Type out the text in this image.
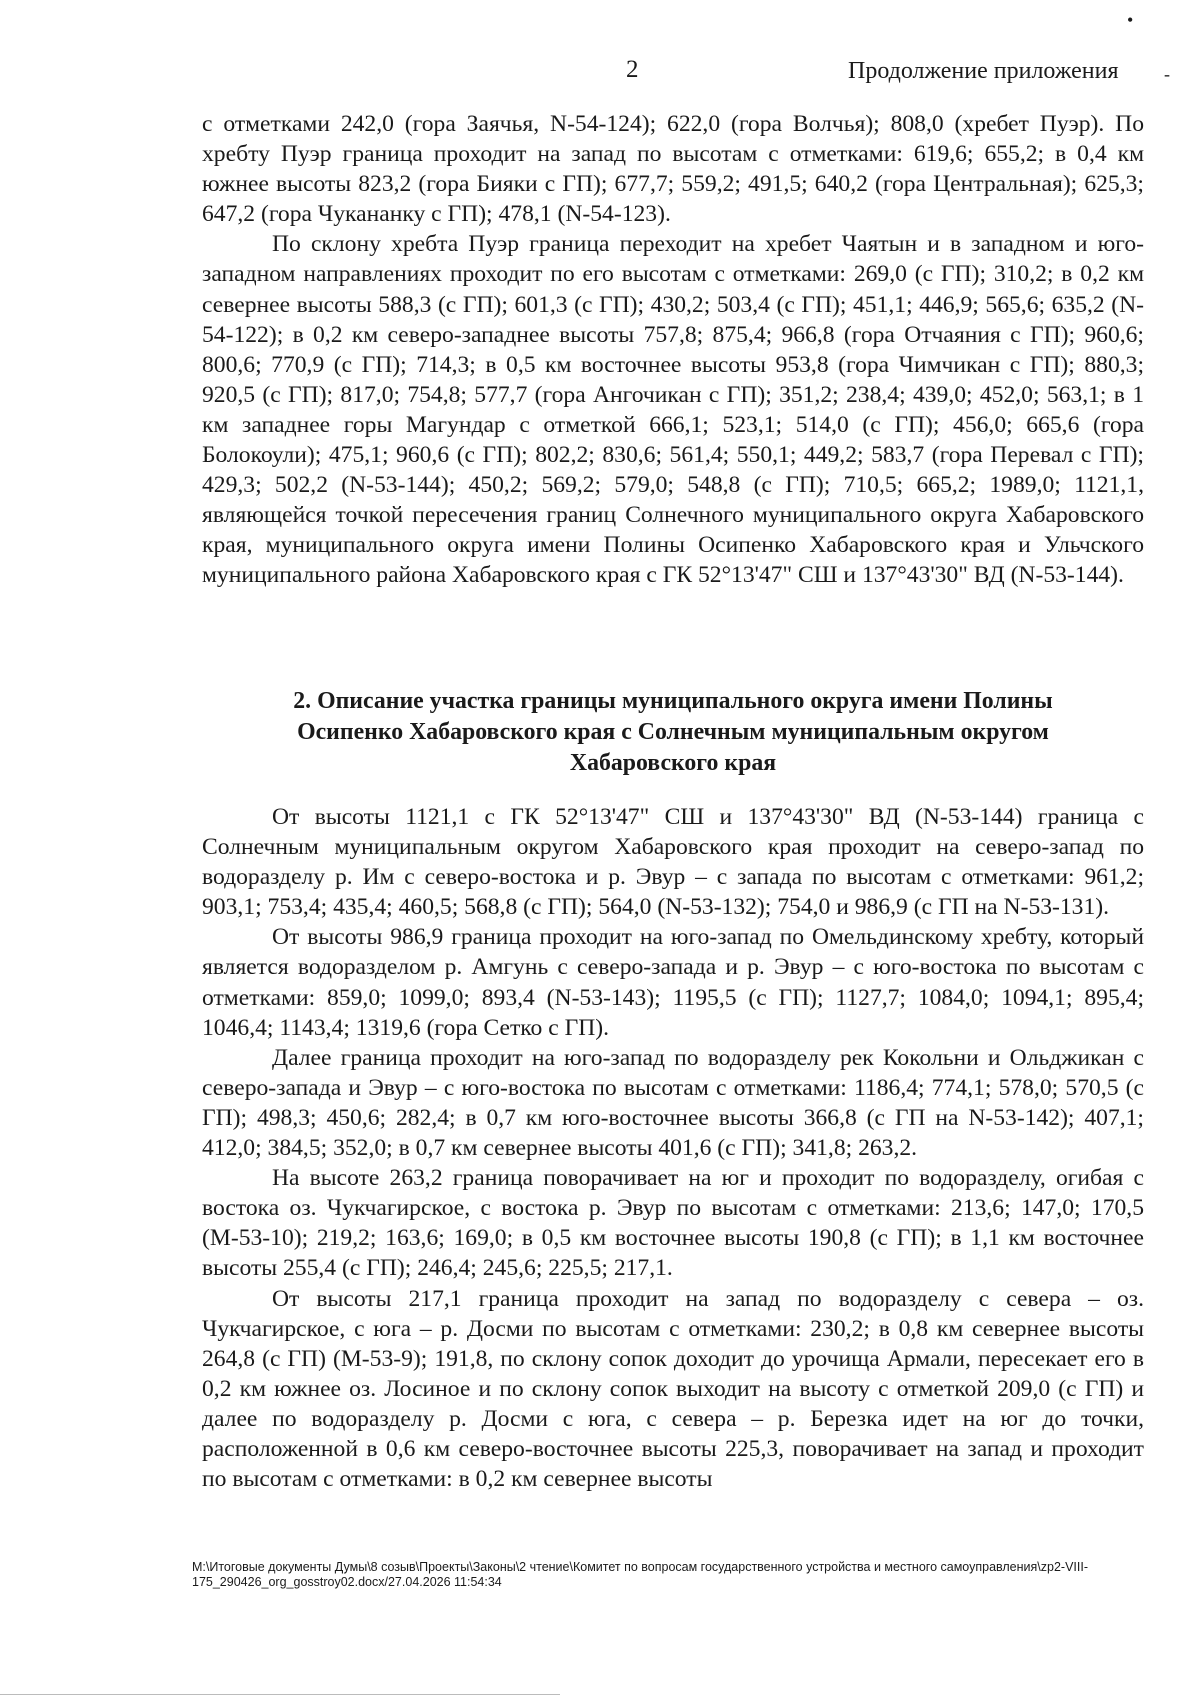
•
2	Продолжение приложения	-

с отметками 242,0 (гора Заячья, N-54-124); 622,0 (гора Волчья); 808,0 (хребет Пуэр). По хребту Пуэр граница проходит на запад по высотам с отметками: 619,6; 655,2; в 0,4 км южнее высоты 823,2 (гора Бияки с ГП); 677,7; 559,2; 491,5; 640,2 (гора Центральная); 625,3; 647,2 (гора Чукананку с ГП); 478,1 (N-54-123).

По склону хребта Пуэр граница переходит на хребет Чаятын и в западном и юго-западном направлениях проходит по его высотам с отметками: 269,0 (с ГП); 310,2; в 0,2 км севернее высоты 588,3 (с ГП); 601,3 (с ГП); 430,2; 503,4 (с ГП); 451,1; 446,9; 565,6; 635,2 (N-54-122); в 0,2 км северо-западнее высоты 757,8; 875,4; 966,8 (гора Отчаяния с ГП); 960,6; 800,6; 770,9 (с ГП); 714,3; в 0,5 км восточнее высоты 953,8 (гора Чимчикан с ГП); 880,3; 920,5 (с ГП); 817,0; 754,8; 577,7 (гора Ангочикан с ГП); 351,2; 238,4; 439,0; 452,0; 563,1; в 1 км западнее горы Магундар с отметкой 666,1; 523,1; 514,0 (с ГП); 456,0; 665,6 (гора Болокоули); 475,1; 960,6 (с ГП); 802,2; 830,6; 561,4; 550,1; 449,2; 583,7 (гора Перевал с ГП); 429,3; 502,2 (N-53-144); 450,2; 569,2; 579,0; 548,8 (с ГП); 710,5; 665,2; 1989,0; 1121,1, являющейся точкой пересечения границ Солнечного муниципального округа Хабаровского края, муниципального округа имени Полины Осипенко Хабаровского края и Ульчского муниципального района Хабаровского края с ГК 52°13'47" СШ и 137°43'30" ВД (N-53-144).

2. Описание участка границы муниципального округа имени Полины
Осипенко Хабаровского края с Солнечным муниципальным округом
Хабаровского края

От высоты 1121,1 с ГК 52°13'47" СШ и 137°43'30" ВД (N-53-144) граница с Солнечным муниципальным округом Хабаровского края проходит на северо-запад по водоразделу р. Им с северо-востока и р. Эвур – с запада по высотам с отметками: 961,2; 903,1; 753,4; 435,4; 460,5; 568,8 (с ГП); 564,0 (N-53-132); 754,0 и 986,9 (с ГП на N-53-131).

От высоты 986,9 граница проходит на юго-запад по Омельдинскому хребту, который является водоразделом р. Амгунь с северо-запада и р. Эвур – с юго-востока по высотам с отметками: 859,0; 1099,0; 893,4 (N-53-143); 1195,5 (с ГП); 1127,7; 1084,0; 1094,1; 895,4; 1046,4; 1143,4; 1319,6 (гора Сетко с ГП).

Далее граница проходит на юго-запад по водоразделу рек Кокольни и Ольджикан с северо-запада и Эвур – с юго-востока по высотам с отметками: 1186,4; 774,1; 578,0; 570,5 (с ГП); 498,3; 450,6; 282,4; в 0,7 км юго-восточнее высоты 366,8 (с ГП на N-53-142); 407,1; 412,0; 384,5; 352,0; в 0,7 км севернее высоты 401,6 (с ГП); 341,8; 263,2.

На высоте 263,2 граница поворачивает на юг и проходит по водоразделу, огибая с востока оз. Чукчагирское, с востока р. Эвур по высотам с отметками: 213,6; 147,0; 170,5 (М-53-10); 219,2; 163,6; 169,0; в 0,5 км восточнее высоты 190,8 (с ГП); в 1,1 км восточнее высоты 255,4 (с ГП); 246,4; 245,6; 225,5; 217,1.

От высоты 217,1 граница проходит на запад по водоразделу с севера – оз. Чукчагирское, с юга – р. Досми по высотам с отметками: 230,2; в 0,8 км севернее высоты 264,8 (с ГП) (М-53-9); 191,8, по склону сопок доходит до урочища Армали, пересекает его в 0,2 км южнее оз. Лосиное и по склону сопок выходит на высоту с отметкой 209,0 (с ГП) и далее по водоразделу р. Досми с юга, с севера – р. Березка идет на юг до точки, расположенной в 0,6 км северо-восточнее высоты 225,3, поворачивает на запад и проходит по высотам с отметками: в 0,2 км севернее высоты

M:\Итоговые документы Думы\8 созыв\Проекты\Законы\2 чтение\Комитет по вопросам государственного устройства и местного самоуправления\zp2-VIII-175_290426_org_gosstroy02.docx/27.04.2026 11:54:34
